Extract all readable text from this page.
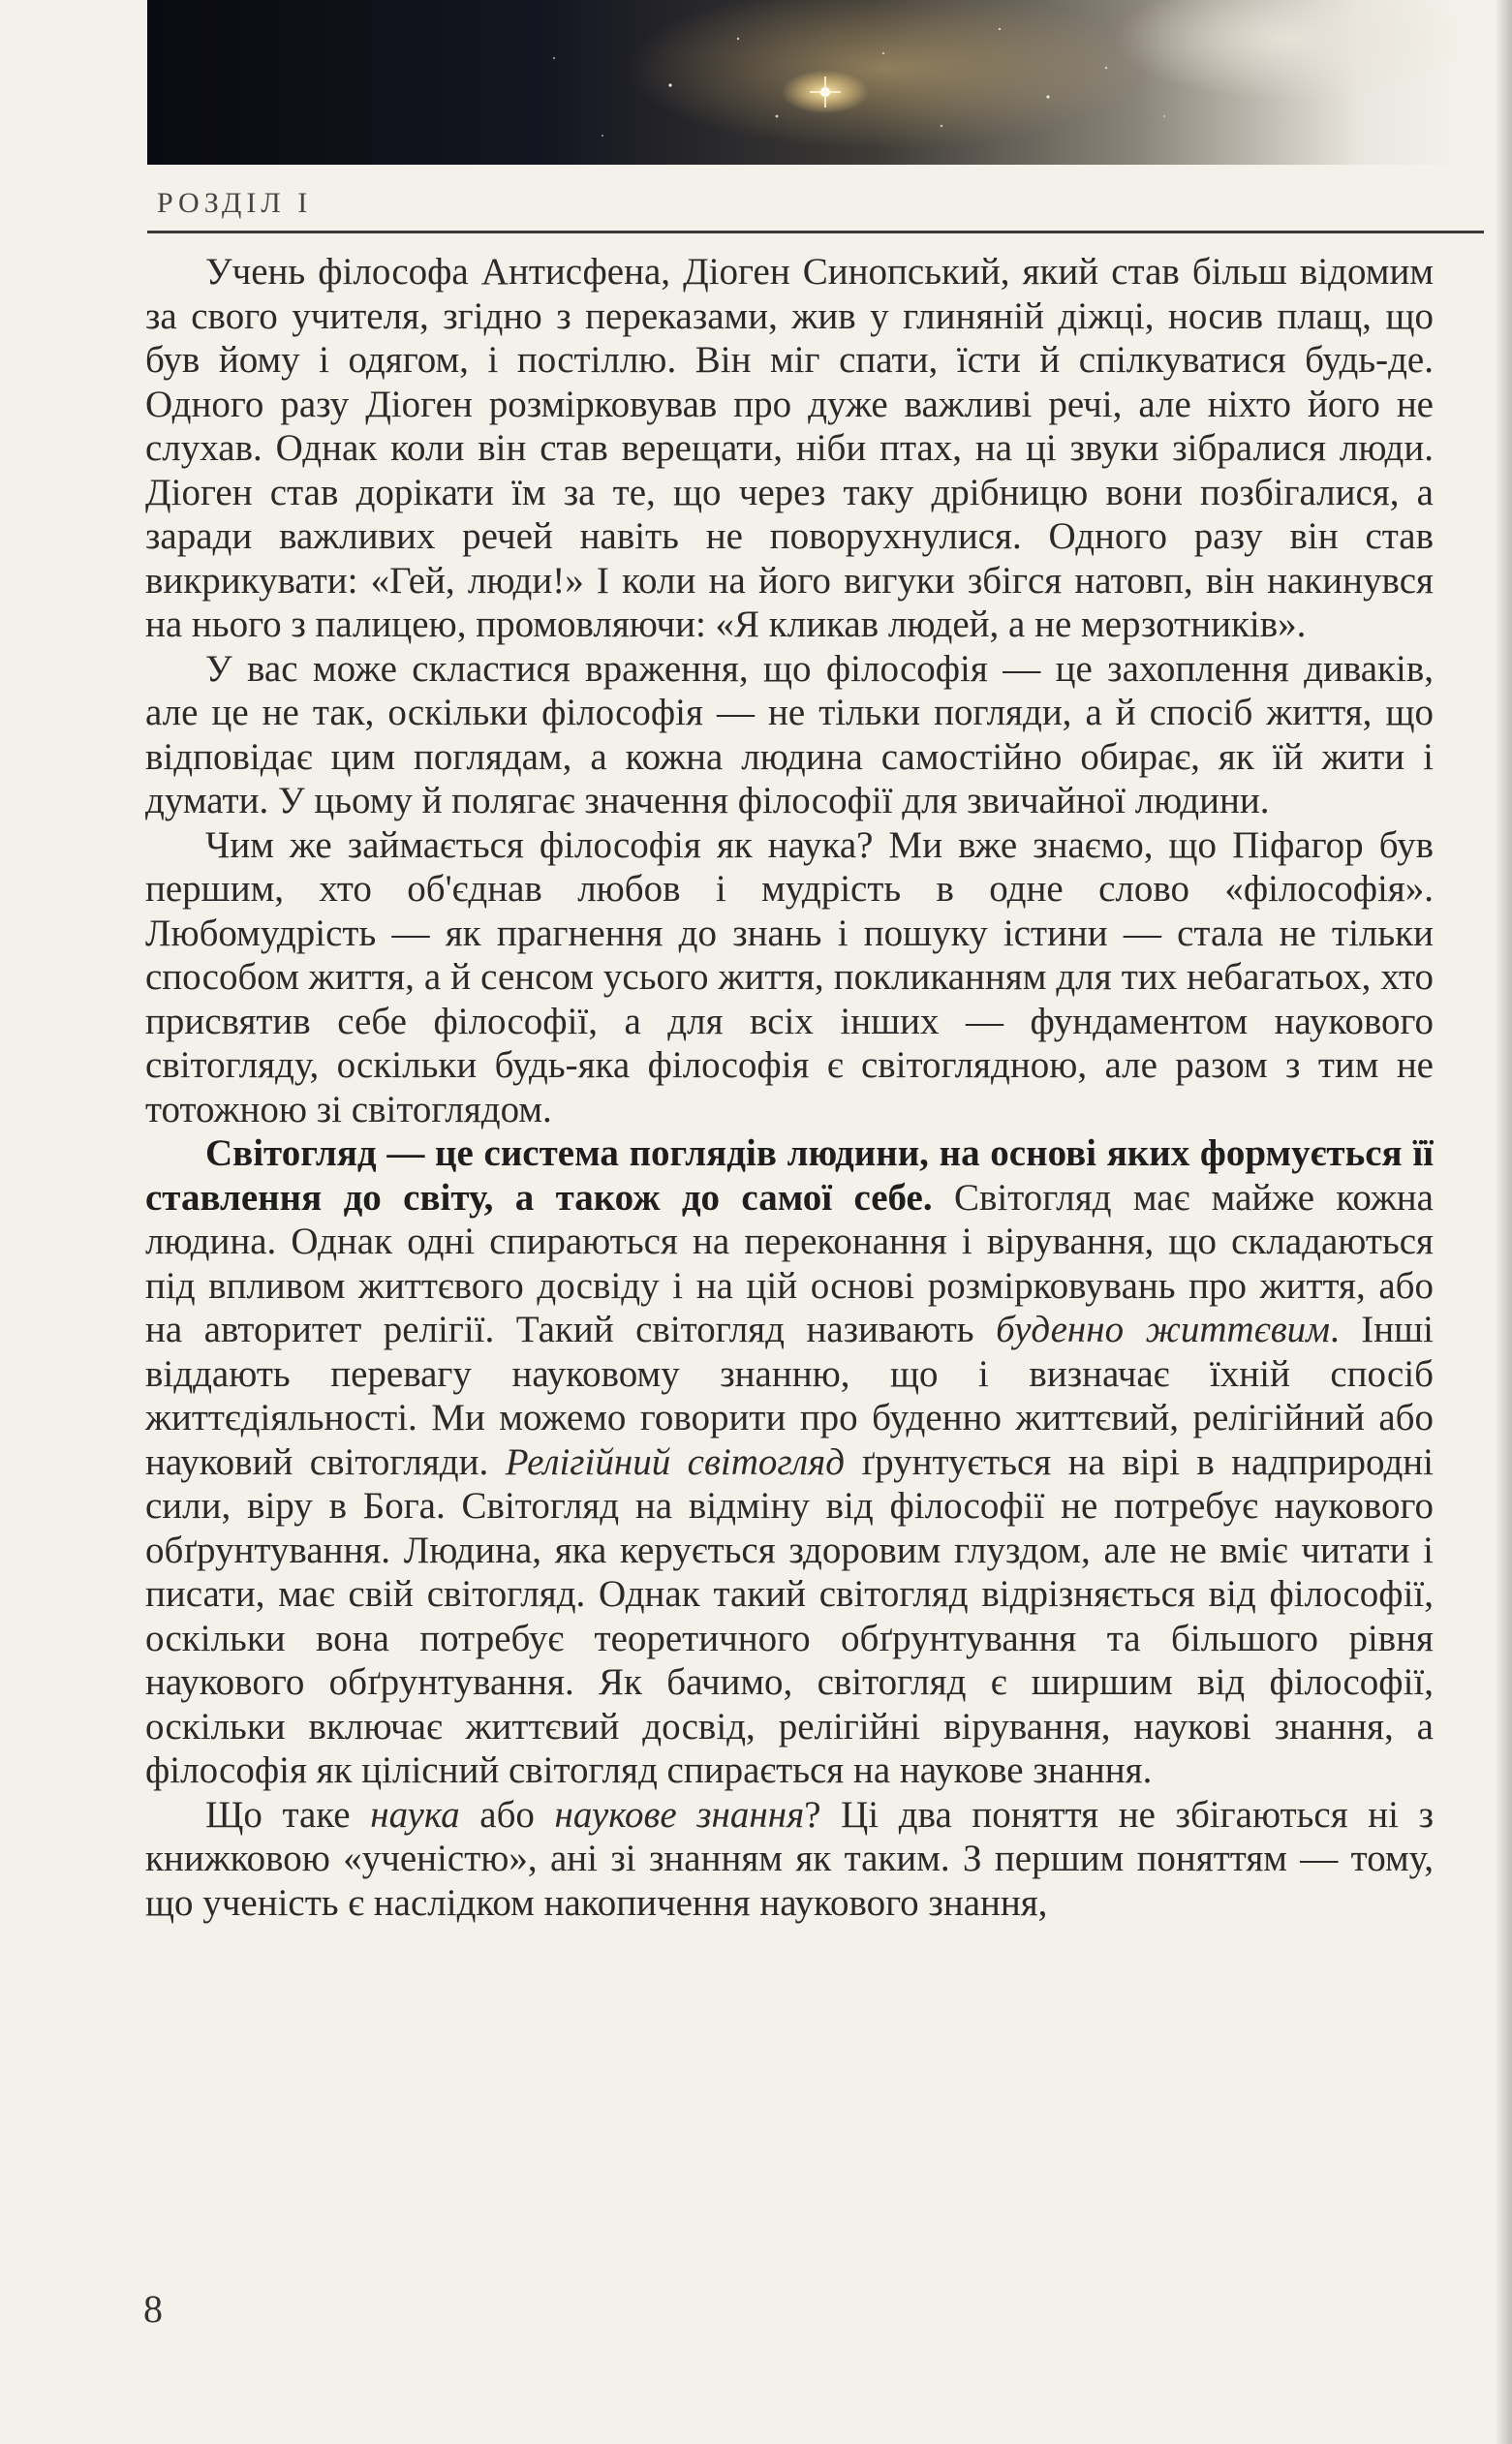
РОЗДІЛ І

Учень філософа Антисфена, Діоген Синопський, який став більш відомим за свого учителя, згідно з переказами, жив у глиняній діжці, носив плащ, що був йому і одягом, і постіллю. Він міг спати, їсти й спілкуватися будь-де. Одного разу Діоген розмірковував про дуже важливі речі, але ніхто його не слухав. Однак коли він став верещати, ніби птах, на ці звуки зібралися люди. Діоген став дорікати їм за те, що через таку дрібницю вони позбігалися, а заради важливих речей навіть не поворухнулися. Одного разу він став викрикувати: «Гей, люди!» І коли на його вигуки збігся натовп, він накинувся на нього з палицею, промовляючи: «Я кликав людей, а не мерзотників».

У вас може скластися враження, що філософія — це захоплення диваків, але це не так, оскільки філософія — не тільки погляди, а й спосіб життя, що відповідає цим поглядам, а кожна людина самостійно обирає, як їй жити і думати. У цьому й полягає значення філософії для звичайної людини.

Чим же займається філософія як наука? Ми вже знаємо, що Піфагор був першим, хто об'єднав любов і мудрість в одне слово «філософія». Любомудрість — як прагнення до знань і пошуку істини — стала не тільки способом життя, а й сенсом усього життя, покликанням для тих небагатьох, хто присвятив себе філософії, а для всіх інших — фундаментом наукового світогляду, оскільки будь-яка філософія є світоглядною, але разом з тим не тотожною зі світоглядом.

Світогляд — це система поглядів людини, на основі яких формується її ставлення до світу, а також до самої себе. Світогляд має майже кожна людина. Однак одні спираються на переконання і вірування, що складаються під впливом життєвого досвіду і на цій основі розмірковувань про життя, або на авторитет релігії. Такий світогляд називають буденно життєвим. Інші віддають перевагу науковому знанню, що і визначає їхній спосіб життєдіяльності. Ми можемо говорити про буденно життєвий, релігійний або науковий світогляди. Релігійний світогляд ґрунтується на вірі в надприродні сили, віру в Бога. Світогляд на відміну від філософії не потребує наукового обґрунтування. Людина, яка керується здоровим глуздом, але не вміє читати і писати, має свій світогляд. Однак такий світогляд відрізняється від філософії, оскільки вона потребує теоретичного обґрунтування та більшого рівня наукового обґрунтування. Як бачимо, світогляд є ширшим від філософії, оскільки включає життєвий досвід, релігійні вірування, наукові знання, а філософія як цілісний світогляд спирається на наукове знання.

Що таке наука або наукове знання? Ці два поняття не збігаються ні з книжковою «ученістю», ані зі знанням як таким. З першим поняттям — тому, що ученість є наслідком накопичення наукового знання,

8
